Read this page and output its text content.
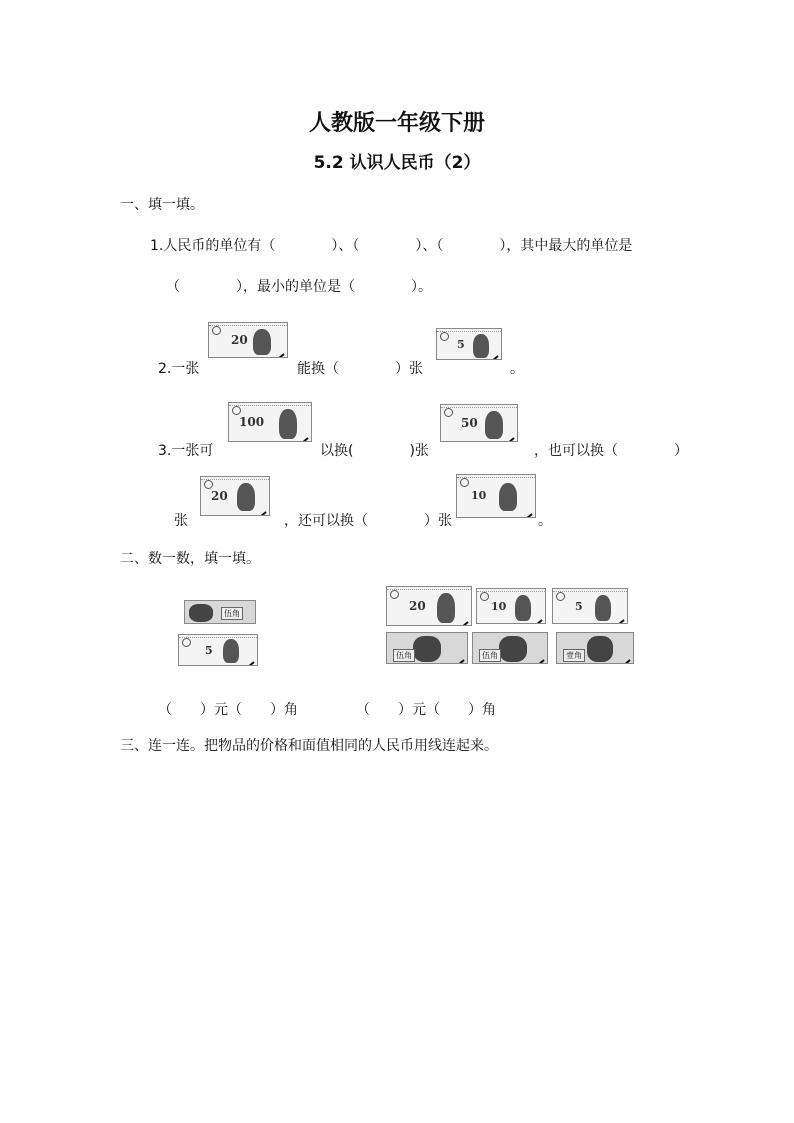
人教版一年级下册
5.2 认识人民币（2）
一、填一填。
1.人民币的单位有（　　　　）、（　　　　）、（　　　　），其中最大的单位是
（　　　　），最小的单位是（　　　　）。
2.一张
20
能换（　　　　）张
5
。
3.一张可
100
以换(　　　　)张
50
，也可以换（　　　　）
张
20
，还可以换（　　　　）张
10
。
二、数一数，填一填。
伍角
5
20	10	5
伍角	伍角	壹角
（　　）元（　　）角	（　　）元（　　）角
三、连一连。把物品的价格和面值相同的人民币用线连起来。
